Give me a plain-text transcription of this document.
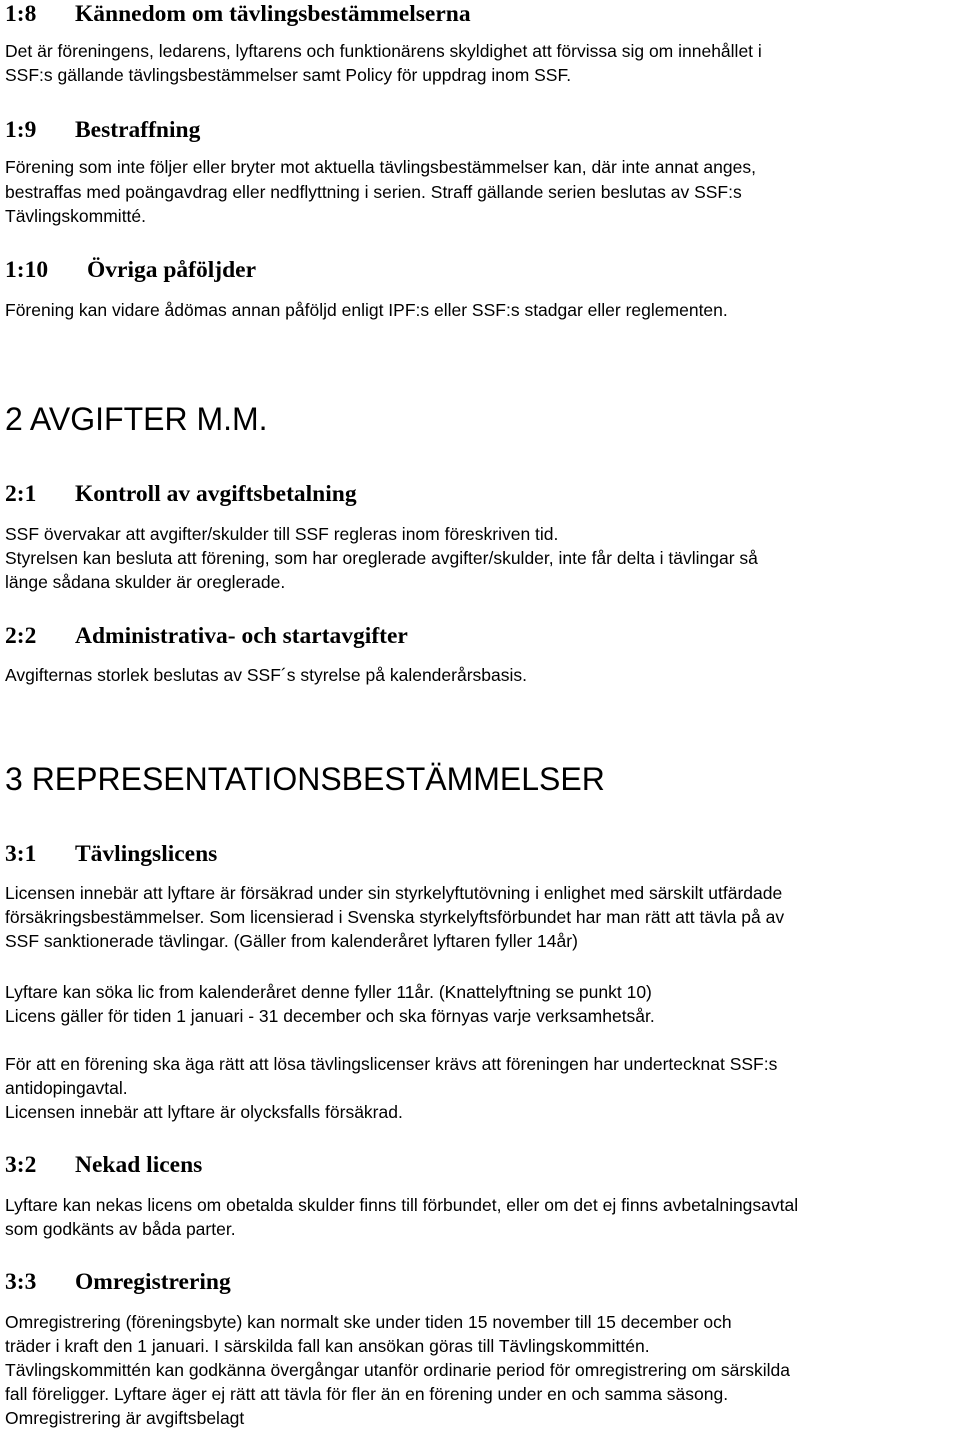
1:8 Kännedom om tävlingsbestämmelserna
Det är föreningens, ledarens, lyftarens och funktionärens skyldighet att förvissa sig om innehållet i
SSF:s gällande tävlingsbestämmelser samt Policy för uppdrag inom SSF.
1:9 Bestraffning
Förening som inte följer eller bryter mot aktuella tävlingsbestämmelser kan, där inte annat anges,
bestraffas med poängavdrag eller nedflyttning i serien. Straff gällande serien beslutas av SSF:s
Tävlingskommitté.
1:10 Övriga påföljder
Förening kan vidare ådömas annan påföljd enligt IPF:s eller SSF:s stadgar eller reglementen.
2 AVGIFTER M.M.
2:1 Kontroll av avgiftsbetalning
SSF övervakar att avgifter/skulder till SSF regleras inom föreskriven tid.
Styrelsen kan besluta att förening, som har oreglerade avgifter/skulder, inte får delta i tävlingar så
länge sådana skulder är oreglerade.
2:2 Administrativa- och startavgifter
Avgifternas storlek beslutas av SSF´s styrelse på kalenderårsbasis.
3 REPRESENTATIONSBESTÄMMELSER
3:1 Tävlingslicens
Licensen innebär att lyftare är försäkrad under sin styrkelyftutövning i enlighet med särskilt utfärdade
försäkringsbestämmelser. Som licensierad i Svenska styrkelyftsförbundet har man rätt att tävla på av
SSF sanktionerade tävlingar. (Gäller from kalenderåret lyftaren fyller 14år)
Lyftare kan söka lic from kalenderåret denne fyller 11år. (Knattelyftning se punkt 10)
Licens gäller för tiden 1 januari - 31 december och ska förnyas varje verksamhetsår.
För att en förening ska äga rätt att lösa tävlingslicenser krävs att föreningen har undertecknat SSF:s
antidopingavtal.
Licensen innebär att lyftare är olycksfalls försäkrad.
3:2 Nekad licens
Lyftare kan nekas licens om obetalda skulder finns till förbundet, eller om det ej finns avbetalningsavtal
som godkänts av båda parter.
3:3 Omregistrering
Omregistrering (föreningsbyte) kan normalt ske under tiden 15 november till 15 december och
träder i kraft den 1 januari. I särskilda fall kan ansökan göras till Tävlingskommittén.
Tävlingskommittén kan godkänna övergångar utanför ordinarie period för omregistrering om särskilda
fall föreligger. Lyftare äger ej rätt att tävla för fler än en förening under en och samma säsong.
Omregistrering är avgiftsbelagt
